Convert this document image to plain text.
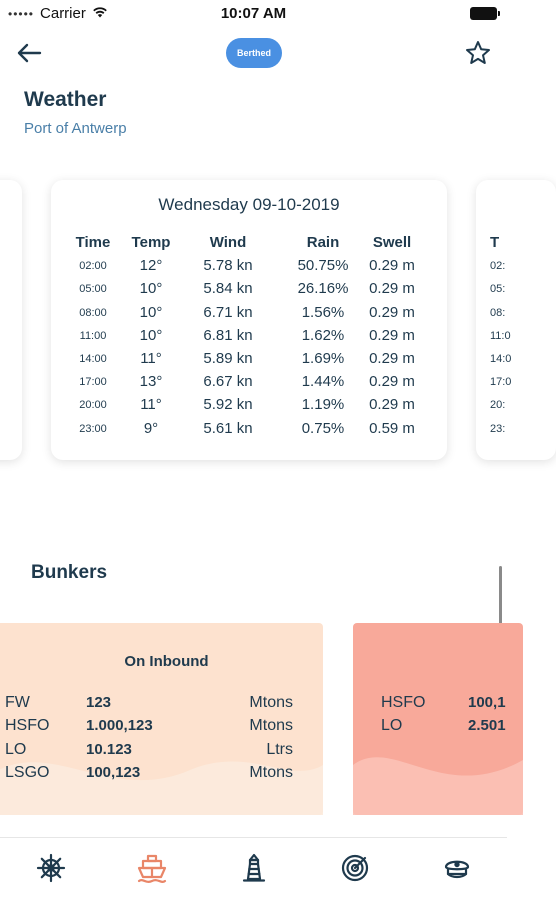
••••• Carrier	10:07 AM
Berthed
Weather
Port of Antwerp
Wednesday 09-10-2019
Time	Temp	Wind	Rain	Swell
02:00	12°	5.78 kn	50.75%	0.29 m
05:00	10°	5.84 kn	26.16%	0.29 m
08:00	10°	6.71 kn	1.56%	0.29 m
11:00	10°	6.81 kn	1.62%	0.29 m
14:00	11°	5.89 kn	1.69%	0.29 m
17:00	13°	6.67 kn	1.44%	0.29 m
20:00	11°	5.92 kn	1.19%	0.29 m
23:00	9°	5.61 kn	0.75%	0.59 m
T
02:
05:
08:
11:0
14:0
17:0
20:
23:
Bunkers
On Inbound
FW	123	Mtons
HSFO 1.000,123	Mtons
LO	10.123	Ltrs
LSGO 100,123	Mtons
HSFO	100,1
LO	2.501
